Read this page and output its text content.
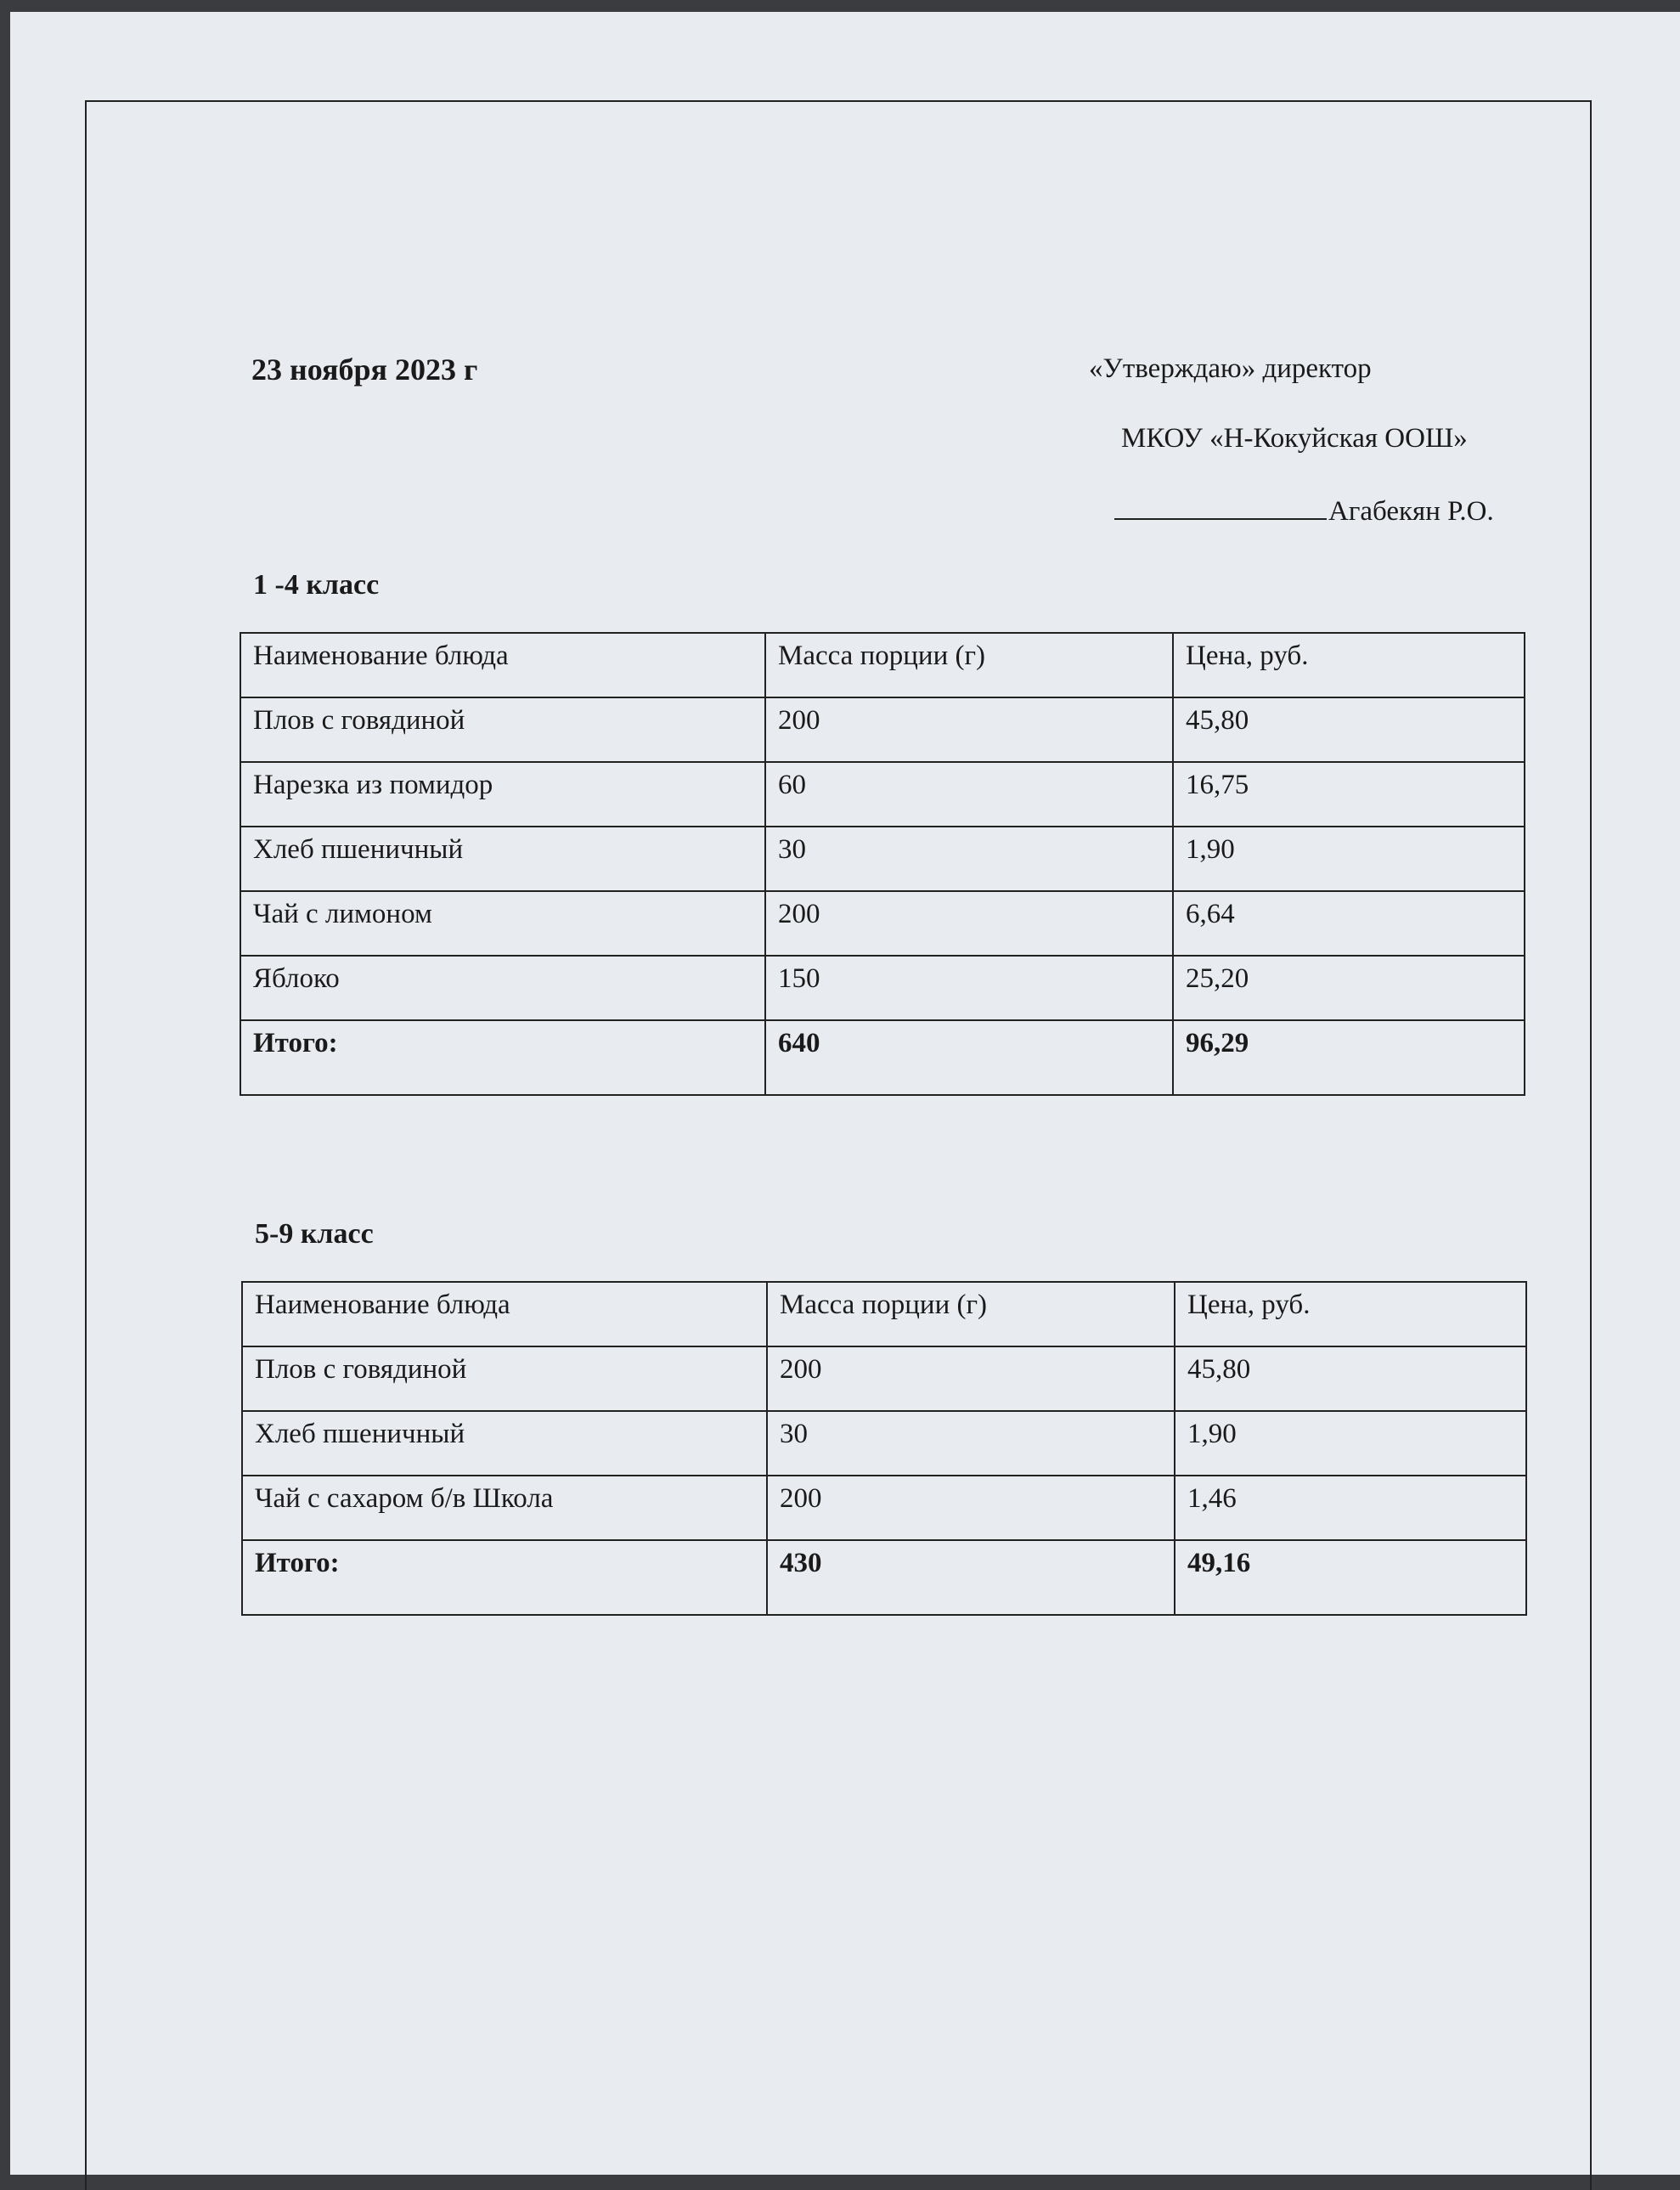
23 ноября 2023 г	«Утверждаю» директор
МКОУ «Н-Кокуйская ООШ»
Агабекян Р.О.
1 -4 класс
Наименование блюда	Масса порции (г)	Цена, руб.
Плов с говядиной	200	45,80
Нарезка из помидор	60	16,75
Хлеб пшеничный	30	1,90
Чай с лимоном	200	6,64
Яблоко	150	25,20
Итого:	640	96,29
5-9 класс
Наименование блюда	Масса порции (г)	Цена, руб.
Плов с говядиной	200	45,80
Хлеб пшеничный	30	1,90
Чай с сахаром б/в Школа	200	1,46
Итого:	430	49,16
